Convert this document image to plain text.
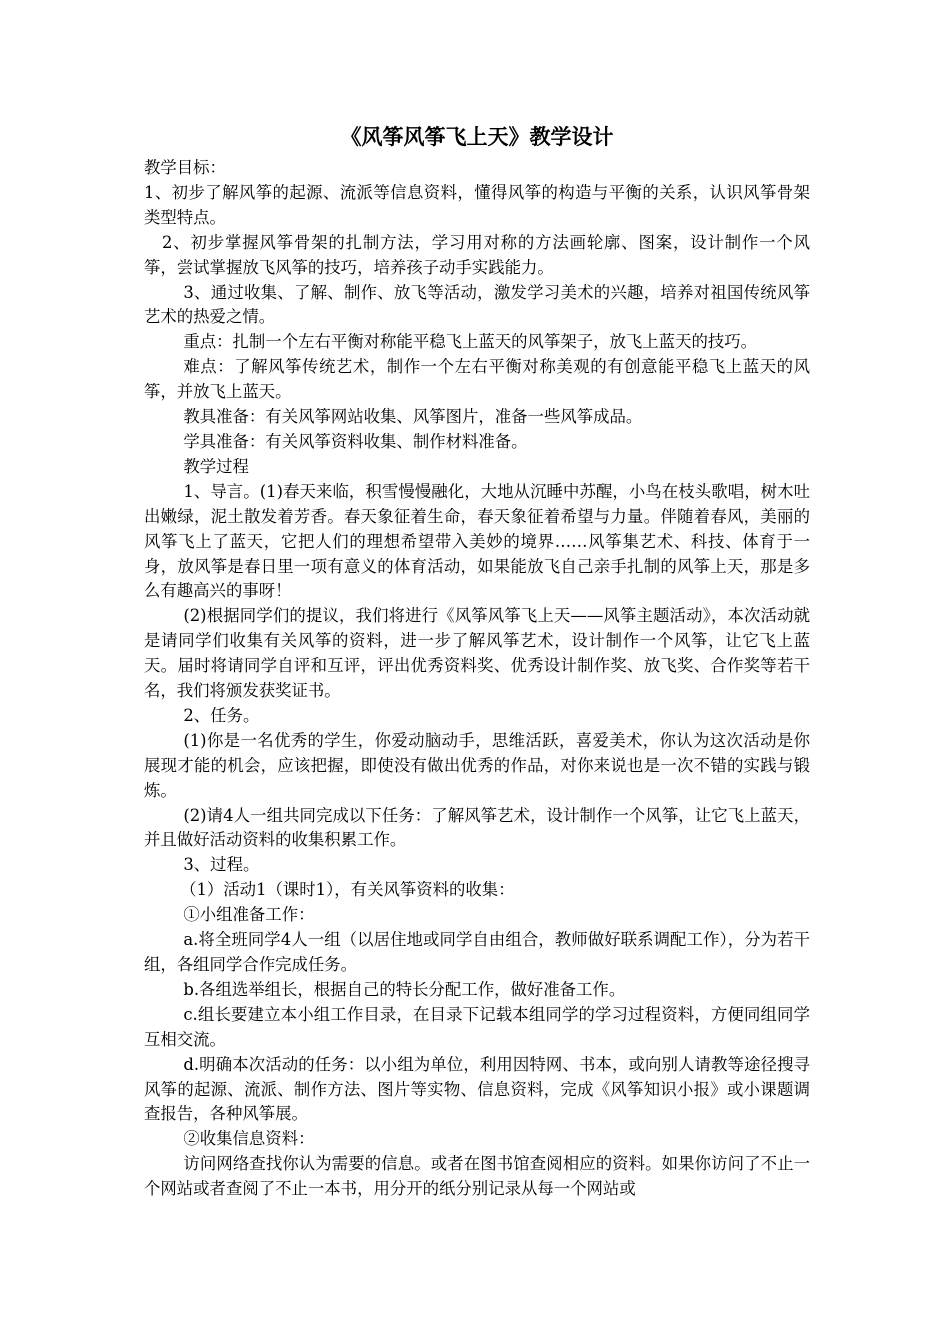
《风筝风筝飞上天》教学设计

教学目标：

1、初步了解风筝的起源、流派等信息资料，懂得风筝的构造与平衡的关系，认识风筝骨架类型特点。

2、初步掌握风筝骨架的扎制方法，学习用对称的方法画轮廓、图案，设计制作一个风筝，尝试掌握放飞风筝的技巧，培养孩子动手实践能力。

3、通过收集、了解、制作、放飞等活动，激发学习美术的兴趣，培养对祖国传统风筝艺术的热爱之情。

重点：扎制一个左右平衡对称能平稳飞上蓝天的风筝架子，放飞上蓝天的技巧。

难点：了解风筝传统艺术，制作一个左右平衡对称美观的有创意能平稳飞上蓝天的风筝，并放飞上蓝天。

教具准备：有关风筝网站收集、风筝图片，准备一些风筝成品。

学具准备：有关风筝资料收集、制作材料准备。

教学过程

1、导言。(1)春天来临，积雪慢慢融化，大地从沉睡中苏醒，小鸟在枝头歌唱，树木吐出嫩绿，泥土散发着芳香。春天象征着生命，春天象征着希望与力量。伴随着春风，美丽的风筝飞上了蓝天，它把人们的理想希望带入美妙的境界……风筝集艺术、科技、体育于一身，放风筝是春日里一项有意义的体育活动，如果能放飞自己亲手扎制的风筝上天，那是多么有趣高兴的事呀！

(2)根据同学们的提议，我们将进行《风筝风筝飞上天——风筝主题活动》，本次活动就是请同学们收集有关风筝的资料，进一步了解风筝艺术，设计制作一个风筝，让它飞上蓝天。届时将请同学自评和互评，评出优秀资料奖、优秀设计制作奖、放飞奖、合作奖等若干名，我们将颁发获奖证书。

2、任务。

(1)你是一名优秀的学生，你爱动脑动手，思维活跃，喜爱美术，你认为这次活动是你展现才能的机会，应该把握，即使没有做出优秀的作品，对你来说也是一次不错的实践与锻炼。

(2)请4人一组共同完成以下任务：了解风筝艺术，设计制作一个风筝，让它飞上蓝天，并且做好活动资料的收集积累工作。

3、过程。

（1）活动1（课时1），有关风筝资料的收集：

①小组准备工作：

a.将全班同学4人一组（以居住地或同学自由组合，教师做好联系调配工作），分为若干组，各组同学合作完成任务。

b.各组选举组长，根据自己的特长分配工作，做好准备工作。

c.组长要建立本小组工作目录，在目录下记载本组同学的学习过程资料，方便同组同学互相交流。

d.明确本次活动的任务：以小组为单位，利用因特网、书本，或向别人请教等途径搜寻风筝的起源、流派、制作方法、图片等实物、信息资料，完成《风筝知识小报》或小课题调查报告，各种风筝展。

②收集信息资料：

访问网络查找你认为需要的信息。或者在图书馆查阅相应的资料。如果你访问了不止一个网站或者查阅了不止一本书，用分开的纸分别记录从每一个网站或
